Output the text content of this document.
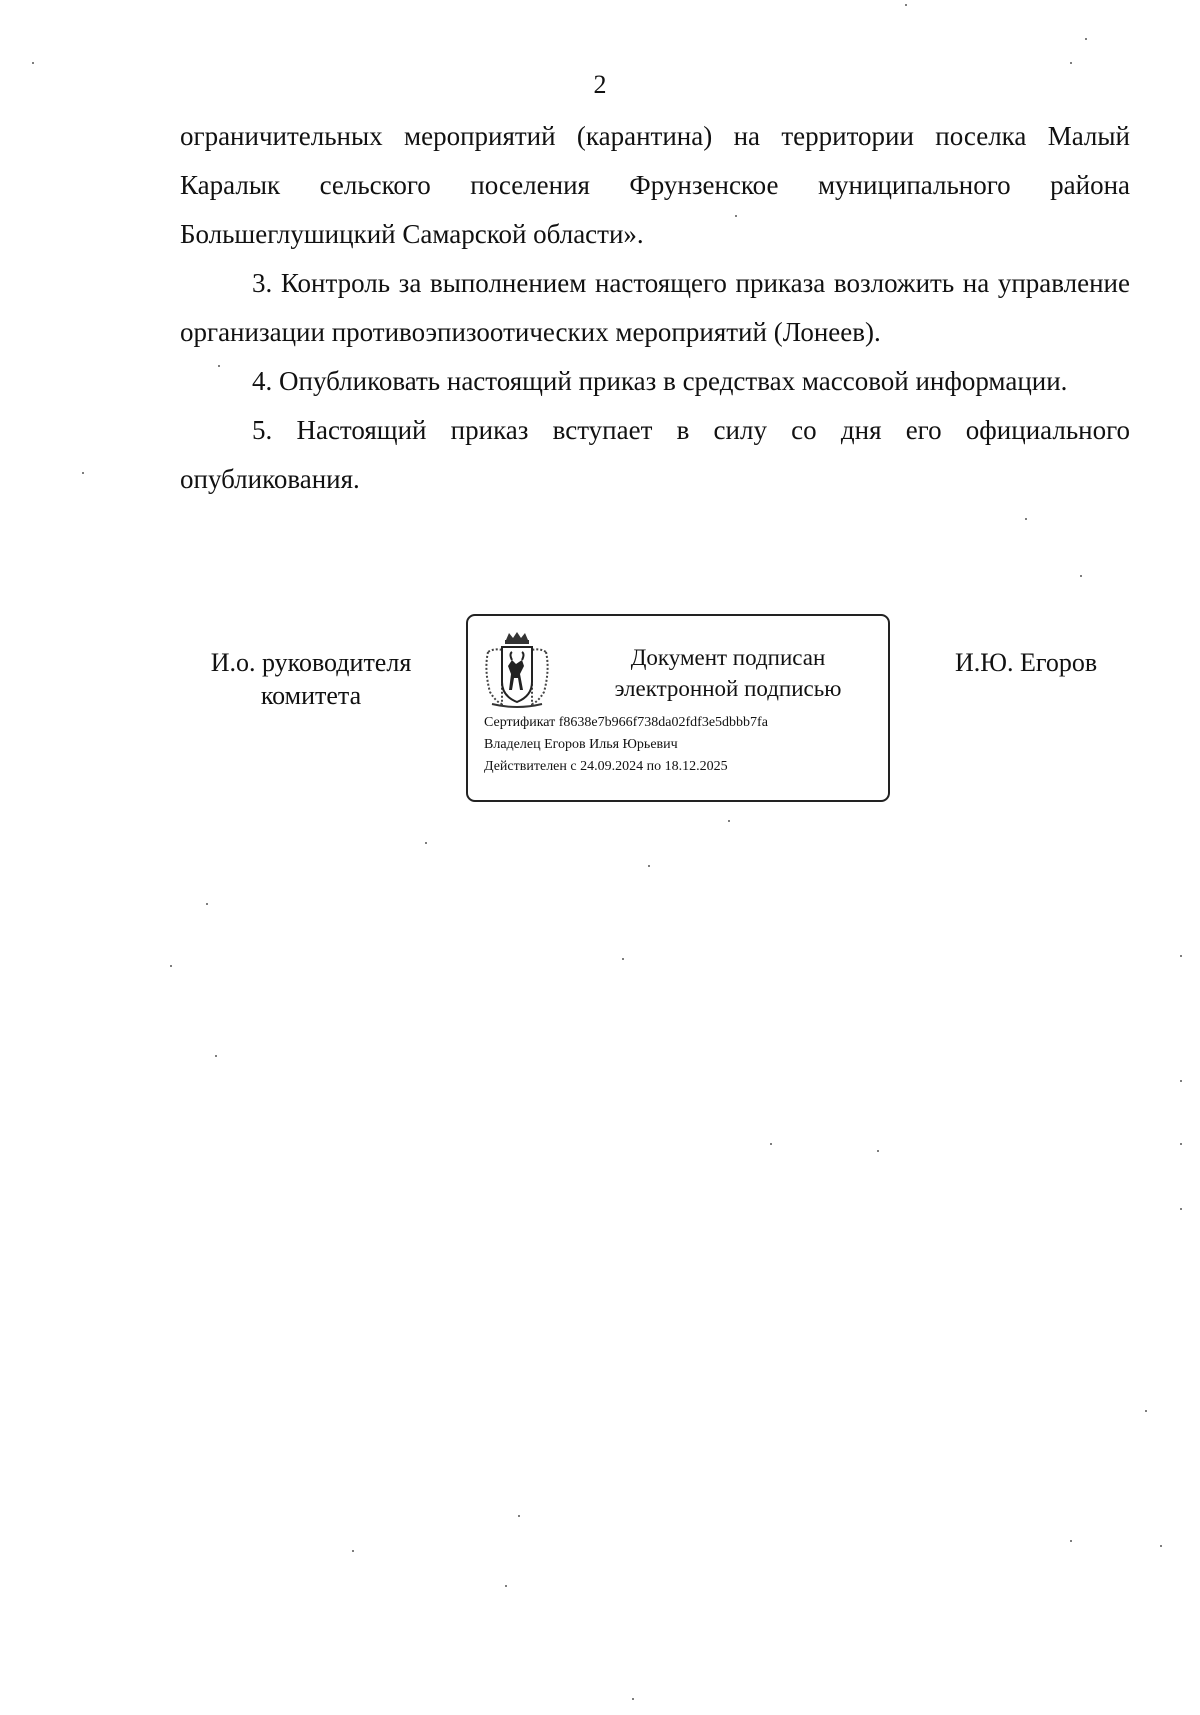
2

ограничительных мероприятий (карантина) на территории поселка Малый Каралык сельского поселения Фрунзенское муниципального района Большеглушицкий Самарской области».

3. Контроль за выполнением настоящего приказа возложить на управление организации противоэпизоотических мероприятий (Лонеев).

4. Опубликовать настоящий приказ в средствах массовой информации.

5. Настоящий приказ вступает в силу со дня его официального опубликования.

И.о. руководителя
комитета
Документ подписан
электронной подписью
Сертификат f8638e7b966f738da02fdf3e5dbbb7fa
Владелец Егоров Илья Юрьевич
Действителен с 24.09.2024 по 18.12.2025
И.Ю. Егоров
